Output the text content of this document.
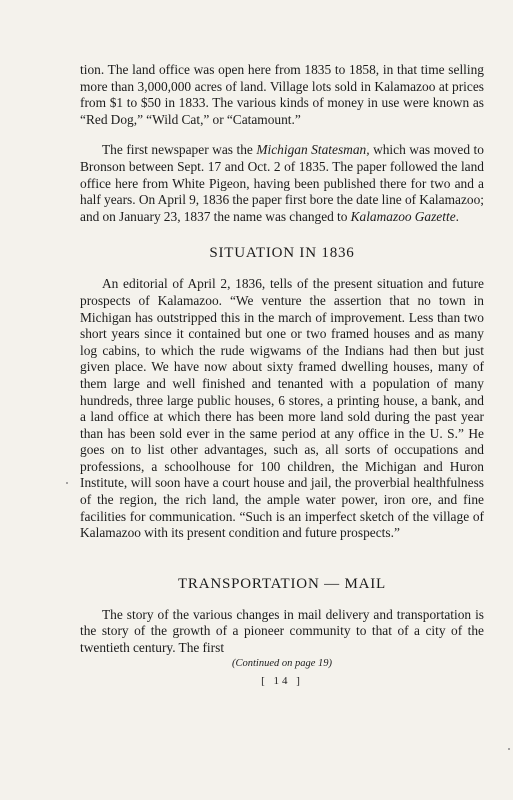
tion. The land office was open here from 1835 to 1858, in that time selling more than 3,000,000 acres of land. Village lots sold in Kalamazoo at prices from $1 to $50 in 1833. The various kinds of money in use were known as “Red Dog,” “Wild Cat,” or “Catamount.”

The first newspaper was the Michigan Statesman, which was moved to Bronson between Sept. 17 and Oct. 2 of 1835. The paper followed the land office here from White Pigeon, having been published there for two and a half years. On April 9, 1836 the paper first bore the date line of Kalamazoo; and on January 23, 1837 the name was changed to Kalamazoo Gazette.

SITUATION IN 1836

An editorial of April 2, 1836, tells of the present situation and future prospects of Kalamazoo. “We venture the assertion that no town in Michigan has outstripped this in the march of improvement. Less than two short years since it contained but one or two framed houses and as many log cabins, to which the rude wigwams of the Indians had then but just given place. We have now about sixty framed dwelling houses, many of them large and well finished and tenanted with a population of many hundreds, three large public houses, 6 stores, a printing house, a bank, and a land office at which there has been more land sold during the past year than has been sold ever in the same period at any office in the U. S.” He goes on to list other advantages, such as, all sorts of occupations and professions, a schoolhouse for 100 children, the Michigan and Huron Institute, will soon have a court house and jail, the proverbial healthfulness of the region, the rich land, the ample water power, iron ore, and fine facilities for communication. “Such is an imperfect sketch of the village of Kalamazoo with its present condition and future prospects.”

TRANSPORTATION — MAIL

The story of the various changes in mail delivery and transportation is the story of the growth of a pioneer community to that of a city of the twentieth century. The first

(Continued on page 19)
[ 14 ]
